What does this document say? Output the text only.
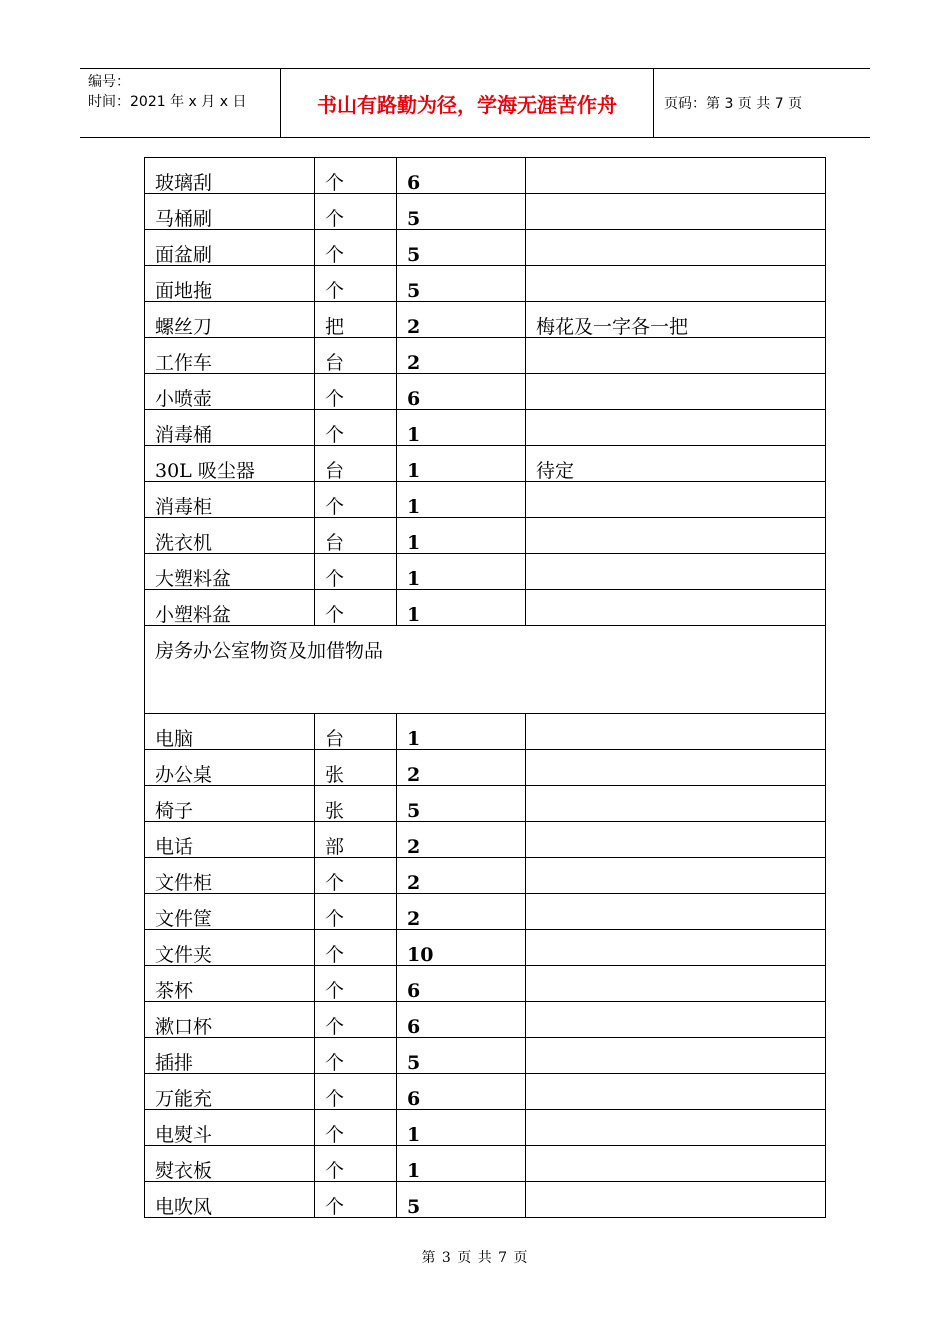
编号：
时间：2021 年 x 月 x 日	书山有路勤为径，学海无涯苦作舟	页码：第 3 页 共 7 页
玻璃刮	个	6	
马桶刷	个	5	
面盆刷	个	5	
面地拖	个	5	
螺丝刀	把	2	梅花及一字各一把
工作车	台	2	
小喷壶	个	6	
消毒桶	个	1	
30L 吸尘器	台	1	待定
消毒柜	个	1	
洗衣机	台	1	
大塑料盆	个	1	
小塑料盆	个	1	
房务办公室物资及加借物品			
电脑	台	1	
办公桌	张	2	
椅子	张	5	
电话	部	2	
文件柜	个	2	
文件筐	个	2	
文件夹	个	10	
茶杯	个	6	
漱口杯	个	6	
插排	个	5	
万能充	个	6	
电熨斗	个	1	
熨衣板	个	1	
电吹风	个	5	
第 3 页 共 7 页
